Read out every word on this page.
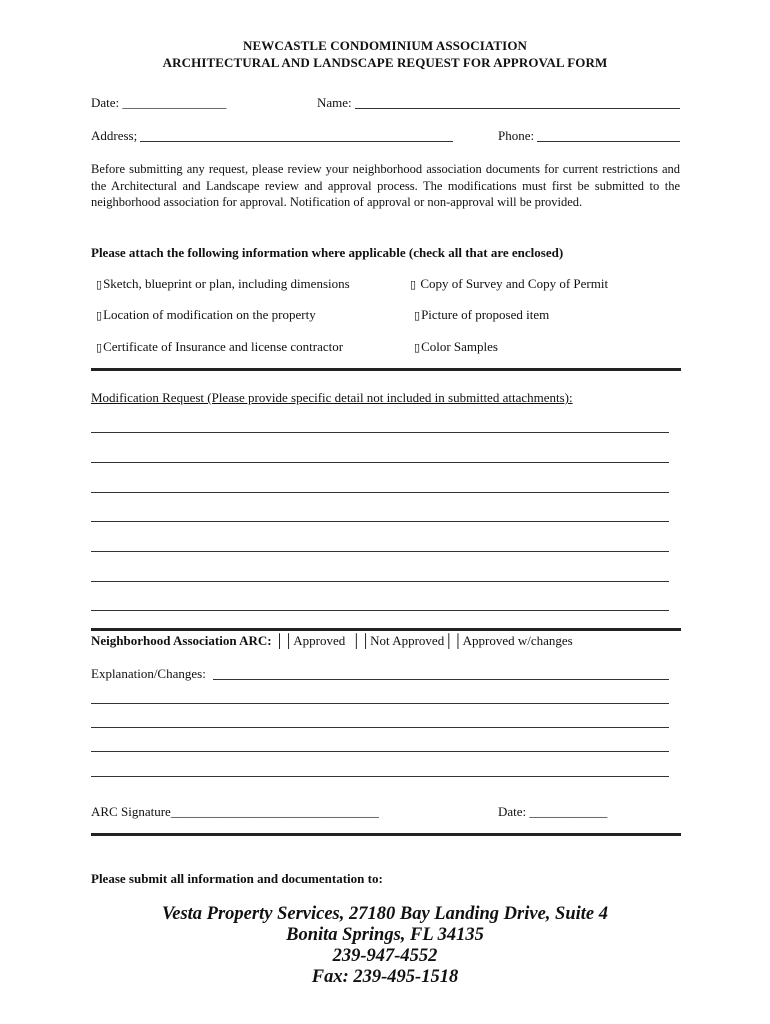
NEWCASTLE CONDOMINIUM ASSOCIATION
ARCHITECTURAL AND LANDSCAPE REQUEST FOR APPROVAL FORM
Date: ________________	Name:
Address;	Phone:
Before submitting any request, please review your neighborhood association documents for current restrictions and the Architectural and Landscape review and approval process. The modifications must first be submitted to the neighborhood association for approval. Notification of approval or non-approval will be provided.
Please attach the following information where applicable (check all that are enclosed)
▯Sketch, blueprint or plan, including dimensions	▯ Copy of Survey and Copy of Permit
▯Location of modification on the property	▯Picture of proposed item
▯Certificate of Insurance and license contractor	▯Color Samples
Modification Request (Please provide specific detail not included in submitted attachments):
Neighborhood Association ARC: ││Approved ││Not Approved││Approved w/changes
Explanation/Changes:
ARC Signature________________________________	Date: ____________
Please submit all information and documentation to:
Vesta Property Services, 27180 Bay Landing Drive, Suite 4
Bonita Springs, FL 34135
239-947-4552
Fax: 239-495-1518
